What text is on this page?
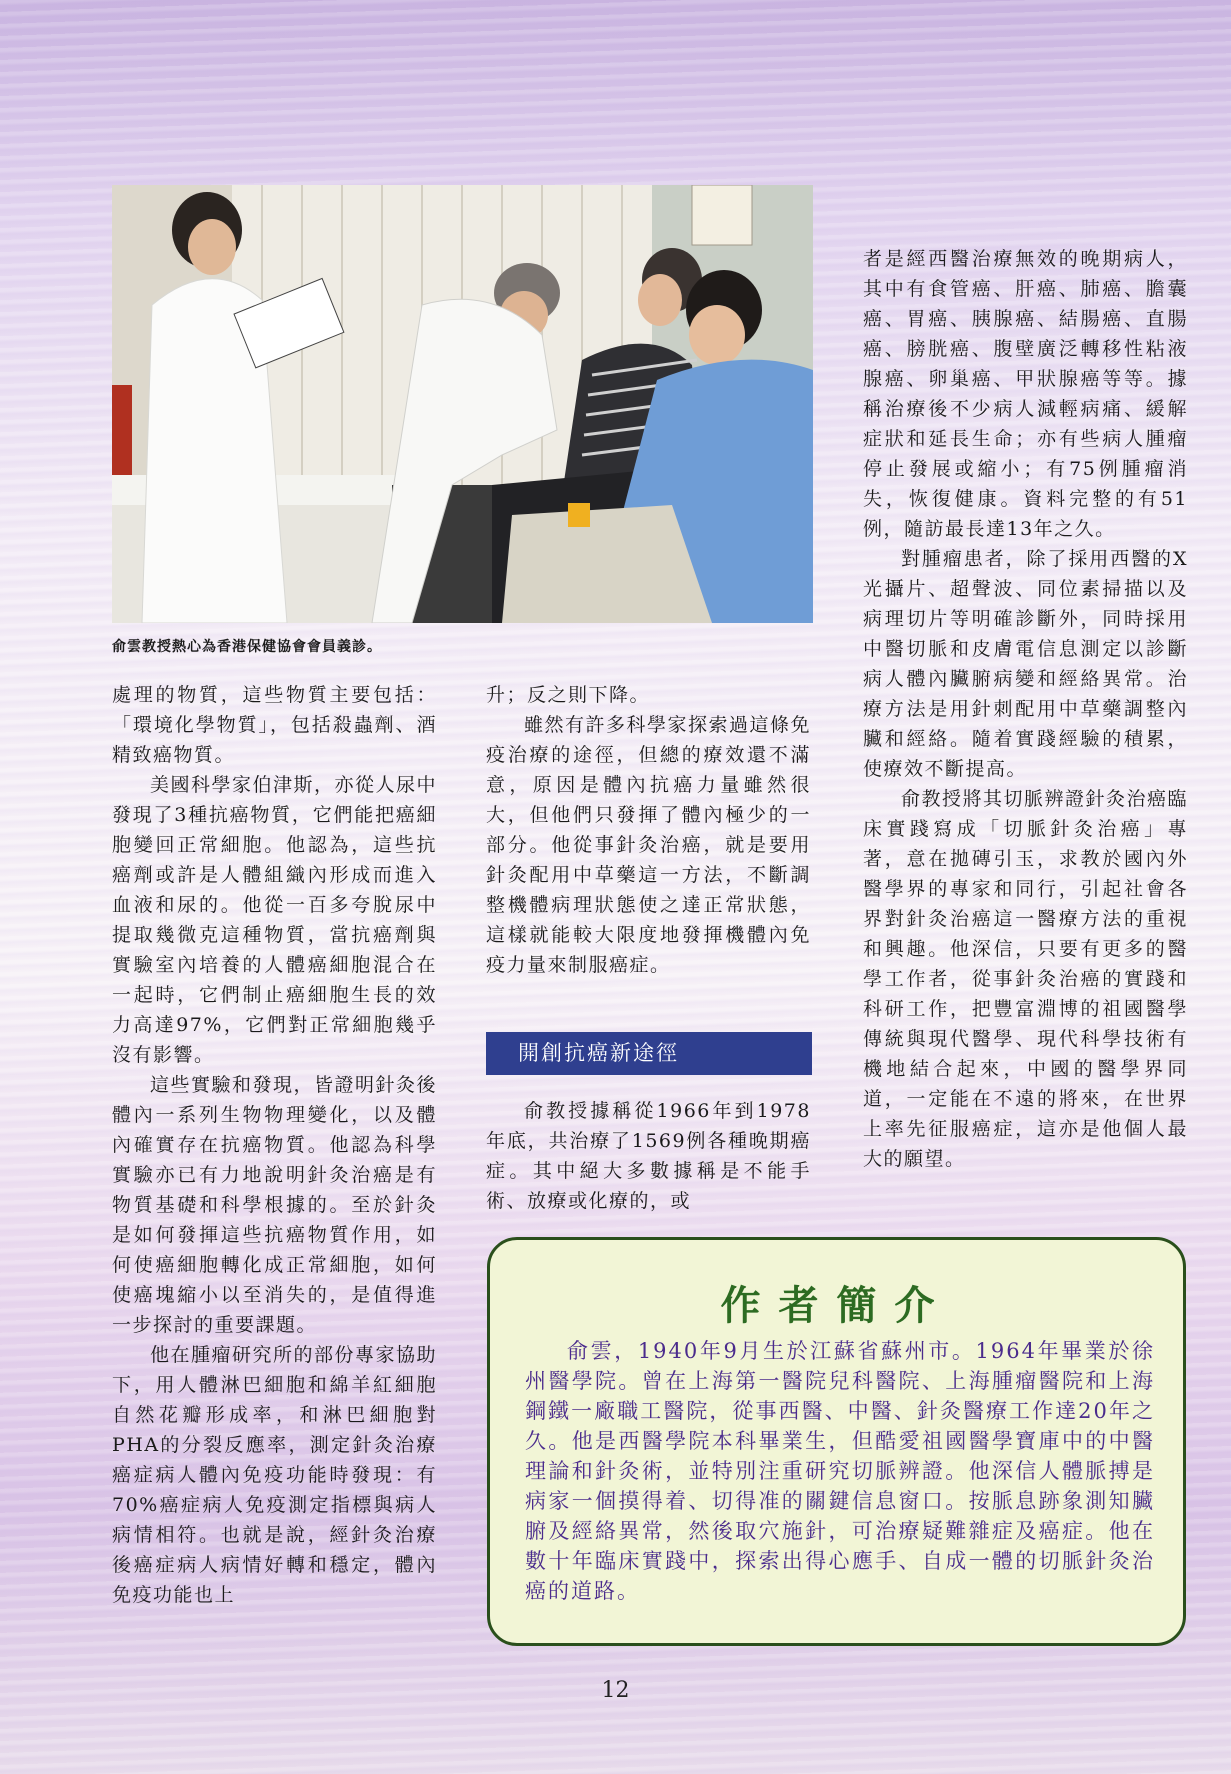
俞雲教授熱心為香港保健協會會員義診。

處理的物質，這些物質主要包括：「環境化學物質」，包括殺蟲劑、酒精致癌物質。

美國科學家伯津斯，亦從人尿中發現了3種抗癌物質，它們能把癌細胞變回正常細胞。他認為，這些抗癌劑或許是人體組織內形成而進入血液和尿的。他從一百多夸脫尿中提取幾微克這種物質，當抗癌劑與實驗室內培養的人體癌細胞混合在一起時，它們制止癌細胞生長的效力高達97%，它們對正常細胞幾乎沒有影響。

這些實驗和發現，皆證明針灸後體內一系列生物物理變化，以及體內確實存在抗癌物質。他認為科學實驗亦已有力地說明針灸治癌是有物質基礎和科學根據的。至於針灸是如何發揮這些抗癌物質作用，如何使癌細胞轉化成正常細胞，如何使癌塊縮小以至消失的，是值得進一步探討的重要課題。

他在腫瘤研究所的部份專家協助下，用人體淋巴細胞和綿羊紅細胞自然花瓣形成率，和淋巴細胞對PHA的分裂反應率，測定針灸治療癌症病人體內免疫功能時發現：有70%癌症病人免疫測定指標與病人病情相符。也就是說，經針灸治療後癌症病人病情好轉和穩定，體內免疫功能也上

升；反之則下降。

雖然有許多科學家探索過這條免疫治療的途徑，但總的療效還不滿意，原因是體內抗癌力量雖然很大，但他們只發揮了體內極少的一部分。他從事針灸治癌，就是要用針灸配用中草藥這一方法，不斷調整機體病理狀態使之達正常狀態，這樣就能較大限度地發揮機體內免疫力量來制服癌症。

開創抗癌新途徑

俞教授據稱從1966年到1978年底，共治療了1569例各種晚期癌症。其中絕大多數據稱是不能手術、放療或化療的，或

者是經西醫治療無效的晚期病人，其中有食管癌、肝癌、肺癌、膽囊癌、胃癌、胰腺癌、結腸癌、直腸癌、膀胱癌、腹壁廣泛轉移性粘液腺癌、卵巢癌、甲狀腺癌等等。據稱治療後不少病人減輕病痛、緩解症狀和延長生命；亦有些病人腫瘤停止發展或縮小；有75例腫瘤消失，恢復健康。資料完整的有51例，隨訪最長達13年之久。

對腫瘤患者，除了採用西醫的X光攝片、超聲波、同位素掃描以及病理切片等明確診斷外，同時採用中醫切脈和皮膚電信息測定以診斷病人體內臟腑病變和經絡異常。治療方法是用針刺配用中草藥調整內臟和經絡。隨着實踐經驗的積累，使療效不斷提高。

俞教授將其切脈辨證針灸治癌臨床實踐寫成「切脈針灸治癌」專著，意在拋磚引玉，求教於國內外醫學界的專家和同行，引起社會各界對針灸治癌這一醫療方法的重視和興趣。他深信，只要有更多的醫學工作者，從事針灸治癌的實踐和科研工作，把豐富淵博的祖國醫學傳統與現代醫學、現代科學技術有機地結合起來，中國的醫學界同道，一定能在不遠的將來，在世界上率先征服癌症，這亦是他個人最大的願望。

作者簡介
俞雲，1940年9月生於江蘇省蘇州市。1964年畢業於徐州醫學院。曾在上海第一醫院兒科醫院、上海腫瘤醫院和上海鋼鐵一廠職工醫院，從事西醫、中醫、針灸醫療工作達20年之久。他是西醫學院本科畢業生，但酷愛祖國醫學寶庫中的中醫理論和針灸術，並特別注重研究切脈辨證。他深信人體脈搏是病家一個摸得着、切得准的關鍵信息窗口。按脈息跡象測知臟腑及經絡異常，然後取穴施針，可治療疑難雜症及癌症。他在數十年臨床實踐中，探索出得心應手、自成一體的切脈針灸治癌的道路。
12
